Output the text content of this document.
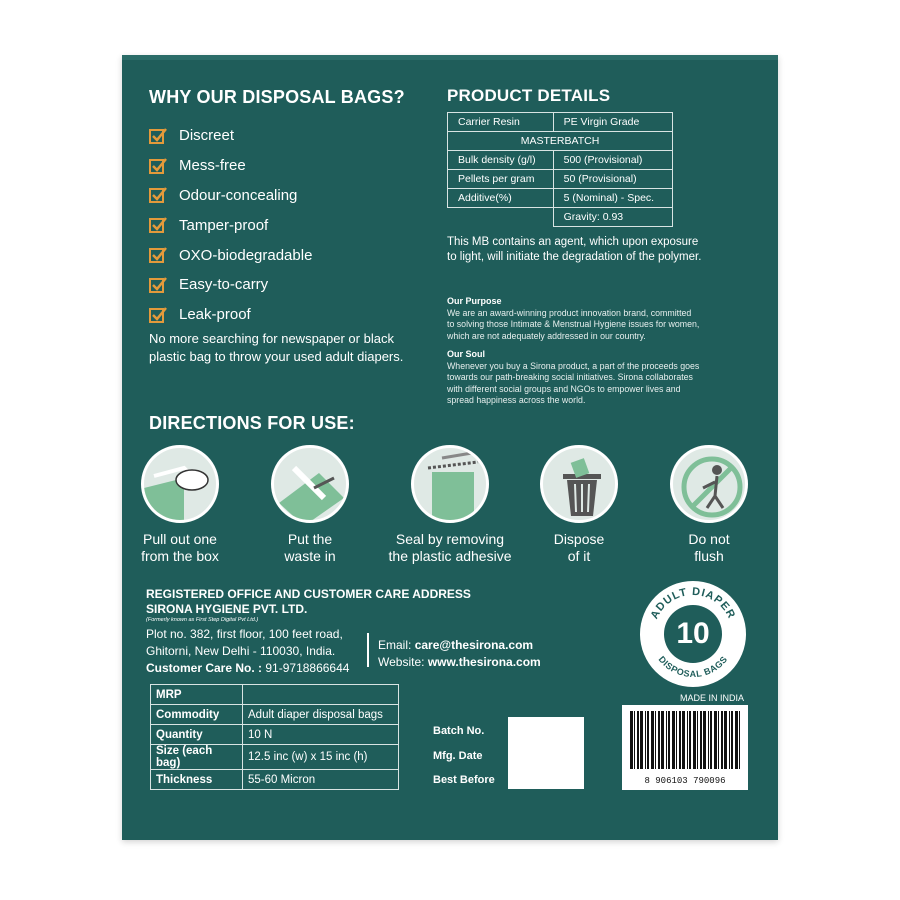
WHY OUR DISPOSAL BAGS?
Discreet
Mess-free
Odour-concealing
Tamper-proof
OXO-biodegradable
Easy-to-carry
Leak-proof
No more searching for newspaper or black
plastic bag to throw your used adult diapers.
PRODUCT DETAILS
Carrier Resin	PE Virgin Grade
MASTERBATCH	
Bulk density (g/l)	500 (Provisional)
Pellets per gram	50 (Provisional)
Additive(%)	5 (Nominal) - Spec.
	Gravity: 0.93
This MB contains an agent, which upon exposure
to light, will initiate the degradation of the polymer.
Our Purpose
We are an award-winning product innovation brand, committed
to solving those Intimate & Menstrual Hygiene issues for women,
which are not adequately addressed in our country.
Our Soul
Whenever you buy a Sirona product, a part of the proceeds goes
towards our path-breaking social initiatives. Sirona collaborates
with different social groups and NGOs to empower lives and
spread happiness across the world.
DIRECTIONS FOR USE:
Pull out one
from the box
Put the
waste in
Seal by removing
the plastic adhesive
Dispose
of it
Do not
flush
REGISTERED OFFICE AND CUSTOMER CARE ADDRESS
SIRONA HYGIENE PVT. LTD.
(Formerly known as First Step Digital Pvt Ltd.)
Plot no. 382, first floor, 100 feet road,
Ghitorni, New Delhi - 110030, India.
Customer Care No. : 91-9718866644
Email: care@thesirona.com
Website: www.thesirona.com
ADULT DIAPER
DISPOSAL BAGS
10
MRP	
Commodity	Adult diaper disposal bags
Quantity	10 N
Size (each bag)	12.5 inc (w) x 15 inc (h)
Thickness	55-60 Micron
Batch No.
Mfg. Date
Best Before
MADE IN INDIA
8 906103 790096
